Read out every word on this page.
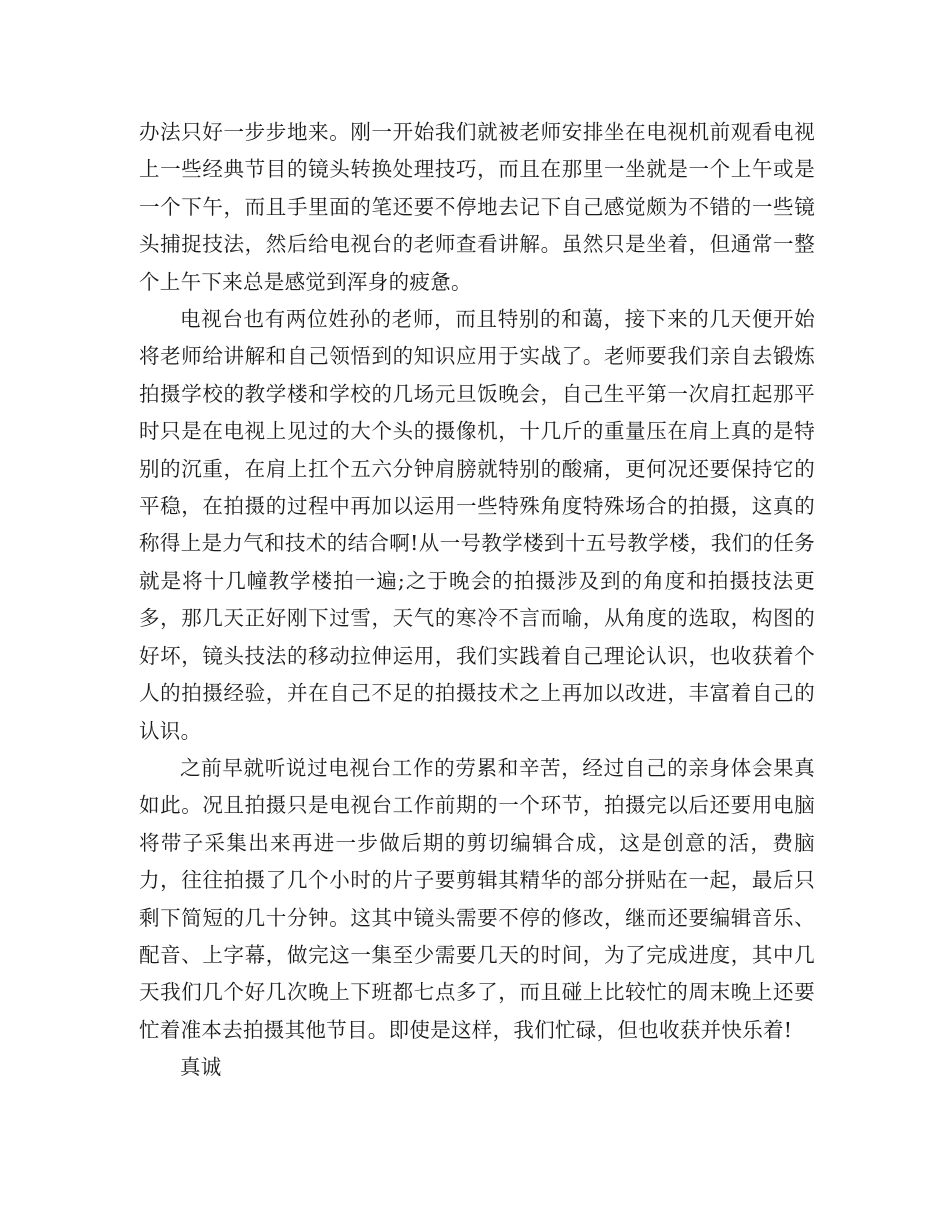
办法只好一步步地来。刚一开始我们就被老师安排坐在电视机前观看电视上一些经典节目的镜头转换处理技巧，而且在那里一坐就是一个上午或是一个下午，而且手里面的笔还要不停地去记下自己感觉颇为不错的一些镜头捕捉技法，然后给电视台的老师查看讲解。虽然只是坐着，但通常一整个上午下来总是感觉到浑身的疲惫。

电视台也有两位姓孙的老师，而且特别的和蔼，接下来的几天便开始将老师给讲解和自己领悟到的知识应用于实战了。老师要我们亲自去锻炼拍摄学校的教学楼和学校的几场元旦饭晚会，自己生平第一次肩扛起那平时只是在电视上见过的大个头的摄像机，十几斤的重量压在肩上真的是特别的沉重，在肩上扛个五六分钟肩膀就特别的酸痛，更何况还要保持它的平稳，在拍摄的过程中再加以运用一些特殊角度特殊场合的拍摄，这真的称得上是力气和技术的结合啊!从一号教学楼到十五号教学楼，我们的任务就是将十几幢教学楼拍一遍;之于晚会的拍摄涉及到的角度和拍摄技法更多，那几天正好刚下过雪，天气的寒冷不言而喻，从角度的选取，构图的好坏，镜头技法的移动拉伸运用，我们实践着自己理论认识，也收获着个人的拍摄经验，并在自己不足的拍摄技术之上再加以改进，丰富着自己的认识。

之前早就听说过电视台工作的劳累和辛苦，经过自己的亲身体会果真如此。况且拍摄只是电视台工作前期的一个环节，拍摄完以后还要用电脑将带子采集出来再进一步做后期的剪切编辑合成，这是创意的活，费脑力，往往拍摄了几个小时的片子要剪辑其精华的部分拼贴在一起，最后只剩下简短的几十分钟。这其中镜头需要不停的修改，继而还要编辑音乐、配音、上字幕，做完这一集至少需要几天的时间，为了完成进度，其中几天我们几个好几次晚上下班都七点多了，而且碰上比较忙的周末晚上还要忙着准本去拍摄其他节目。即使是这样，我们忙碌，但也收获并快乐着!

真诚
